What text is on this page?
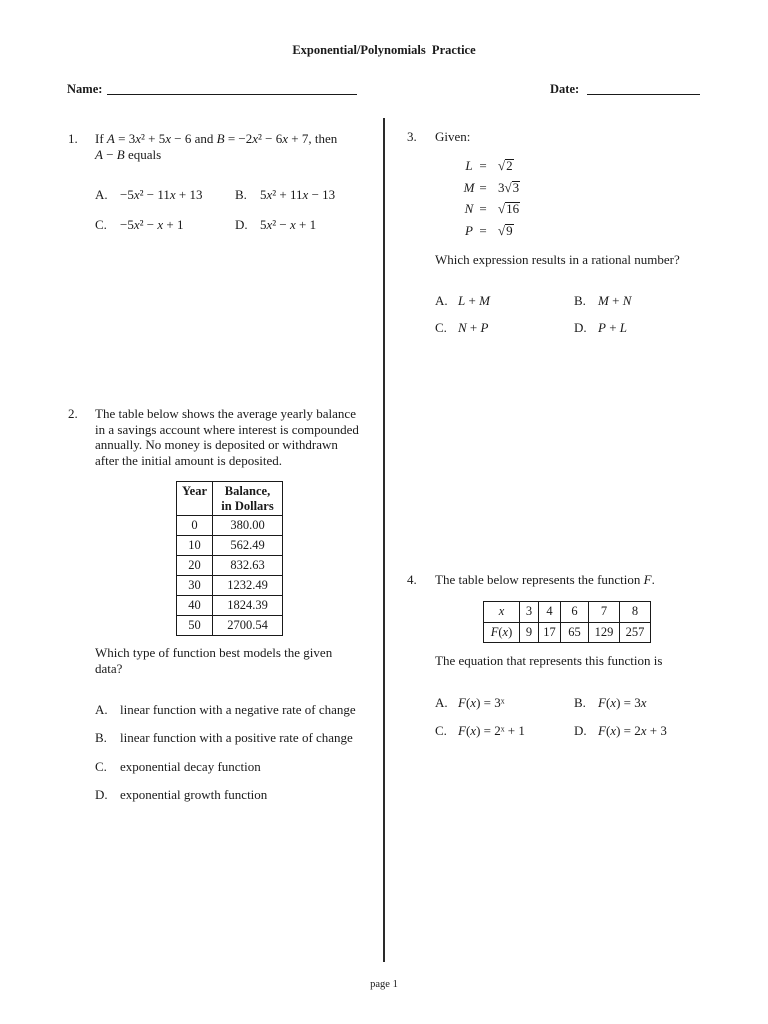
Exponential/Polynomials  Practice
Name:	Date:
1. If A = 3x² + 5x − 6 and B = −2x² − 6x + 7, then
A − B equals
A. −5x² − 11x + 13	B. 5x² + 11x − 13
C. −5x² − x + 1	D. 5x² − x + 1
2. The table below shows the average yearly balance
in a savings account where interest is compounded
annually. No money is deposited or withdrawn
after the initial amount is deposited.
Year	Balance,
in Dollars

0	380.00
10	562.49
20	832.63
30	1232.49
40	1824.39
50	2700.54
Which type of function best models the given
data?
A. linear function with a negative rate of change
B. linear function with a positive rate of change
C. exponential decay function
D. exponential growth function
3. Given:
L = √2
M = 3√3
N = √16
P = √9
Which expression results in a rational number?
A. L + M	B. M + N
C. N + P	D. P + L
4. The table below represents the function F.
x	3	4	6	7	8
F(x)	9	17	65	129	257
The equation that represents this function is
A. F(x) = 3ˣ	B. F(x) = 3x
C. F(x) = 2ˣ + 1	D. F(x) = 2x + 3
page 1
